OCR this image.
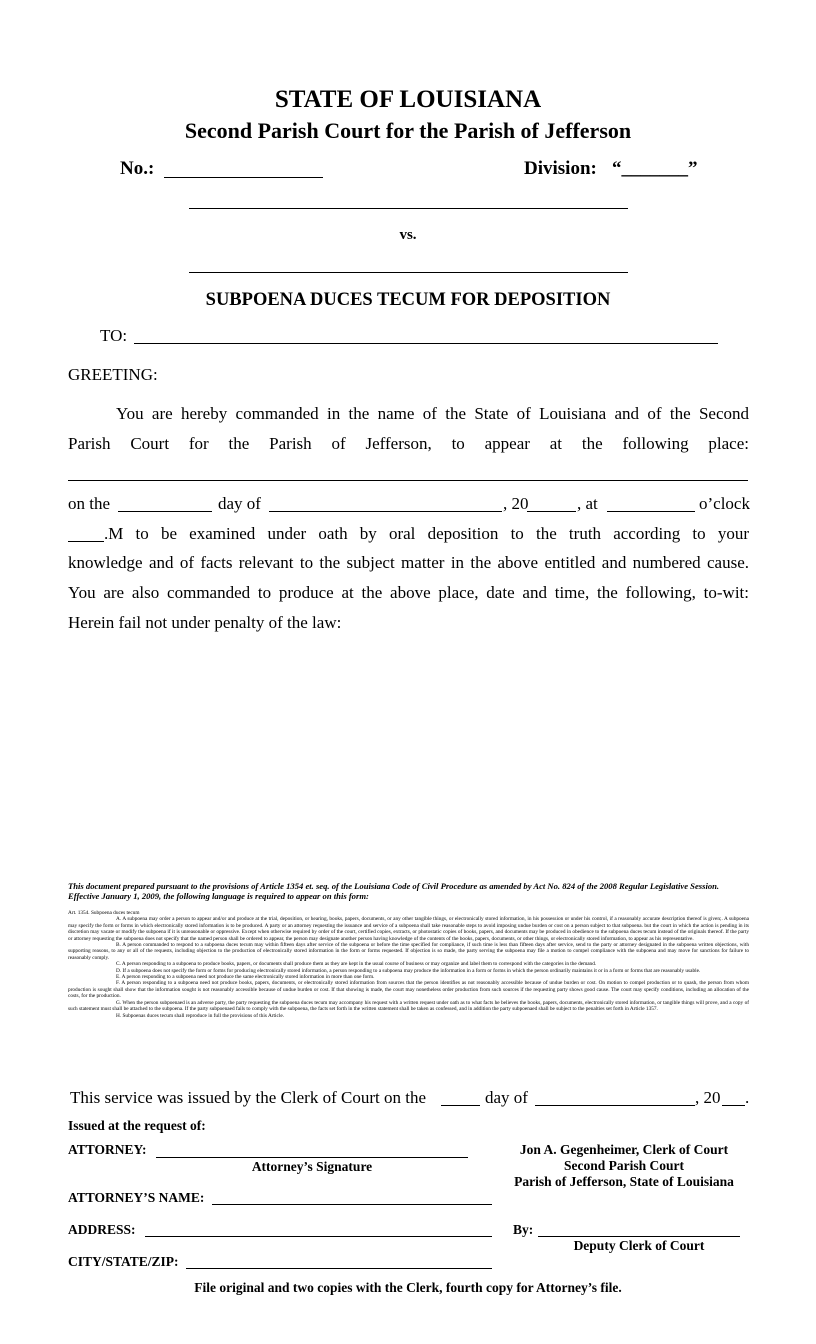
STATE OF LOUISIANA
Second Parish Court for the Parish of Jefferson
No.:	Division: “_______”
vs.
SUBPOENA DUCES TECUM FOR DEPOSITION
TO:
GREETING:
You are hereby commanded in the name of the State of Louisiana and of the Second
Parish Court for the Parish of Jefferson, to appear at the following place:
on the	day of	, 20	, at	o’clock
.M to be examined under oath by oral deposition to the truth according to your
knowledge and of facts relevant to the subject matter in the above entitled and numbered cause.
You are also commanded to produce at the above place, date and time, the following, to-wit:
Herein fail not under penalty of the law:
This document prepared pursuant to the provisions of Article 1354 et. seq. of the Louisiana Code of Civil Procedure as amended by Act No. 824 of the 2008 Regular Legislative Session. Effective January 1, 2009, the following language is required to appear on this form:

Art. 1354. Subpoena duces tecum

A. A subpoena may order a person to appear and/or and produce at the trial, deposition, or hearing, books, papers, documents, or any other tangible things, or electronically stored information, in his possession or under his control, if a reasonably accurate description thereof is given;. A subpoena may specify the form or forms in which electronically stored information is to be produced. A party or an attorney requesting the issuance and service of a subpoena shall take reasonable steps to avoid imposing undue burden or cost on a person subject to that subpoena. but the court in which the action is pending in its discretion may vacate or modify the subpoena if it is unreasonable or oppressive. Except when otherwise required by order of the court, certified copies, extracts, or photostatic copies of books, papers, and documents may be produced in obedience to the subpoena duces tecum instead of the originals thereof. If the party or attorney requesting the subpoena does not specify that the named person shall be ordered to appear, the person may designate another person having knowledge of the contents of the books, papers, documents, or other things, or electronically stored information, to appear as his representative.

B. A person commanded to respond to a subpoena duces tecum may within fifteen days after service of the subpoena or before the time specified for compliance, if such time is less than fifteen days after service, send to the party or attorney designated in the subpoena written objections, with supporting reasons, to any or all of the requests, including objection to the production of electronically stored information in the form or forms requested. If objection is so made, the party serving the subpoena may file a motion to compel compliance with the subpoena and may move for sanctions for failure to reasonably comply.

C. A person responding to a subpoena to produce books, papers, or documents shall produce them as they are kept in the usual course of business or may organize and label them to correspond with the categories in the demand.

D. If a subpoena does not specify the form or forms for producing electronically stored information, a person responding to a subpoena may produce the information in a form or forms in which the person ordinarily maintains it or in a form or forms that are reasonably usable.

E. A person responding to a subpoena need not produce the same electronically stored information in more than one form.

F. A person responding to a subpoena need not produce books, papers, documents, or electronically stored information from sources that the person identifies as not reasonably accessible because of undue burden or cost. On motion to compel production or to quash, the person from whom production is sought shall show that the information sought is not reasonably accessible because of undue burden or cost. If that showing is made, the court may nonetheless order production from such sources if the requesting party shows good cause. The court may specify conditions, including an allocation of the costs, for the production.

G. When the person subpoenaed is an adverse party, the party requesting the subpoena duces tecum may accompany his request with a written request under oath as to what facts he believes the books, papers, documents, electronically stored information, or tangible things will prove, and a copy of such statement must shall be attached to the subpoena. If the party subpoenaed fails to comply with the subpoena, the facts set forth in the written statement shall be taken as confessed, and in addition the party subpoenaed shall be subject to the penalties set forth in Article 1357.

H. Subpoenas duces tecum shall reproduce in full the provisions of this Article.

This service was issued by the Clerk of Court on the	day of	, 20 .
Issued at the request of:
ATTORNEY:
Attorney’s Signature
ATTORNEY’S NAME:
ADDRESS:
CITY/STATE/ZIP:
Jon A. Gegenheimer, Clerk of Court
Second Parish Court
Parish of Jefferson, State of Louisiana
By:
Deputy Clerk of Court
File original and two copies with the Clerk, fourth copy for Attorney’s file.
